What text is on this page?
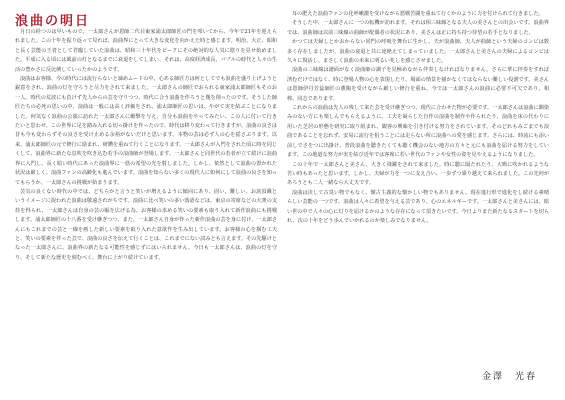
浪曲の明日

月日の経つのは早いもので、一太郎さんが恩師二代目東家浦太郎師匠の門を叩いてから、今年で21年を迎えられました。この十年を振り返って見れば、浪曲界にとって大きな変化を向かえた時と感じます。明治、大正、昭和と長く芸能の王者として君臨していた浪曲は、昭和三十年代をピークにその絶対的な人気に陰りを見せ始めました。平成に入る頃には風前の灯となるまでに衰退をしてしまい、それは、高度経済成長、バブルの時代と人々の生活の豊かさに反比例していったかのようです。

浪曲はお客様、今の時代には流行らないと諦めムードの中、心ある師匠方は何としてでも浪曲を盛り上げようと鋭意をされ、浪曲の灯を守ろうと尽力をされて来ました。一太郎さんの師匠でおられる東家浦太郎師匠もそのお一人、時代の荒波にも負けず先人からの芸を守りつつ、時代に合う浪曲を作ろうと幾を削ったのです。そうした師匠たちの必死の思いの中、浪曲は一般には高く評価をされ、浦太郎師匠の思いは、やがて実を結ぶことになりました。何気なく浪曲の公演に訪れた一太郎さんに衝撃を与え、自分も浪曲をやってみたい、この人に付いて行きたいと思わせ、この世界に足を踏み入れる切っ掛けを作ったので、時代は移り変わって行きますが、浪曲の良さは昔も今も変わらずその良さを受け止める余裕がないだけと思います。本物の芸は必ず人の心を揺さぶります。以来、浦太郎師匠の元で修行に励まれ、研鑽を重ねて行くことになります。一太郎さんが入門をされた頃に時を同じくして、浪曲界に新たな息吹を吹き込む若手の浪曲師が登場します。一太郎さんと同世代の若者が立て続けに浪曲界に入門し、長く暗い時代にあった浪曲界に一筋の希望の光を射しました。しかし、依然として浪曲の置かれた状況は厳しく、浪曲ファンの高齢化も進んでいます。浪曲を知らない多くの現代人に如何にして浪曲の良さを知ってもらうか、一太郎さんの挑戦が始まります。

芸気の良くない時代の中では、どちらかと言うと笑いが増えるように傾向にあり、固い、難しい、お涙頂戴というイメージに捉われた浪曲は敬遠されがちです。浪曲に比べ笑いの多い落語などは、東京の寄席などの大衆の支持を得られ、一太郎さんは自身の芸の幅を広げる為、お客様の求める笑いの要素も取り入れて新作浪曲にも挑戦します。浦太郎師匠の十八番を受け継ぎつつ、また、一太郎さん自身が作った新作浪曲の芸を身に付け、一太郎さんにもこれまでの芸と一線を画した新しい要素を取り入れた意欲作を生み出しています。お客様の心を掴む工夫と、笑いの要素を伴った芸で、浪曲の良さを伝えて行くことは、これまでにない試みとも言えます。その先駆けとなった一太郎さんに、浪曲界の新たなる可能性を感じずにはいられません。今日も一太郎さんは、浪曲の灯を守り、そして新たな歴史を刻むべく、舞台に上がり続けています。

耳の肥えた浪曲ファンの化呼嗽激を受けながら悪戦苦闘を重ねて行くかのように力を付けられて行きました。

そうした中、一太郎さんに一つの転機が訪れます。それは相三味線となる夫人の美さんとの出会いです。浪曲界では、浪曲師は以前三味線の曲師が配偶者の状況にあり、美さんは正に持ち持つ待望の若手となりました。

かつては夫婦しとかおからない同門の呼吸を舞台に生かし、夫が浪曲師、夫人が曲師という夫婦のコンビは数多く存在しましたが、浪曲の衰退と共に途絶えてしまっていました。一太郎さんと美さんの夫婦によるコンビは久々に復活し、まさしく浪曲の未来に明るい兆しを感じさせました。

浪曲の三味線は譜面がなく浪曲師の調子を見極めながら伴奏しなければなりません。さらに華に拝奏をすれば済むだけではなく、時に登場人物の心を表現したり、場面の情景を描かなくてはならない難しい役割です。美さんは恩師伊丹芳蕊師匠の薫陶を受けながら厳しい修行を重ね、今では一太郎さんの浪曲に必要不可欠であり、相棒、同志であります。

これからの浪曲は先人の残して来た芸を受け継ぎつつ、現代に合わせた物が必要です。一太郎さんは浪曲に馴染みのない方にも楽しんでもらえるように、工夫を凝らした自作の浪曲を制作や作られたり、浪曲を床の代わりに用いた芝居の形態を研究に取り組まれ、観客の興味を引き付ける努力をされています。そのどれもみごまでも浪曲であることを忘れず、安易に流行を狙うことには走らない所に浪曲への愛を感じます。さらには、時流にも添い前しでさをつに出掛け、普段浪曲を聴きたくても聴く機会のない地方の方々と元にも浪曲を届ける努力をしています。この地道な努力が実を結び近年では客席に若い世代のファンや女性の姿を見やえるようになりました。

この十年で一太郎さんと美さん、大きく飛躍をされて来ました。時に聴に隔たれたり、大嗚に吹かれるような苦い時もあったと思います。しかし、夫婦が力を一つに支え合い、一歩ずつ乗り越えて来られました。この先何があろうとも二人一緒なら大丈夫です。

浪曲は決して古臭い物でもなく、懐古主義的な懐かしい物でもありません。現在進行形で進化をし続ける素晴らしい芸能の一つです。浪曲は人々に希望を与える芸であり、心のエネルギーです。一太郎さんと美さんには、暗い世の中で人々の心に灯りを届けるかのような存在になって頂きたいです。今日よりまた新たなるスタートを切られ、次の十年をどう歩んでいかれるのか楽しみでなりません。

金澤　光春
